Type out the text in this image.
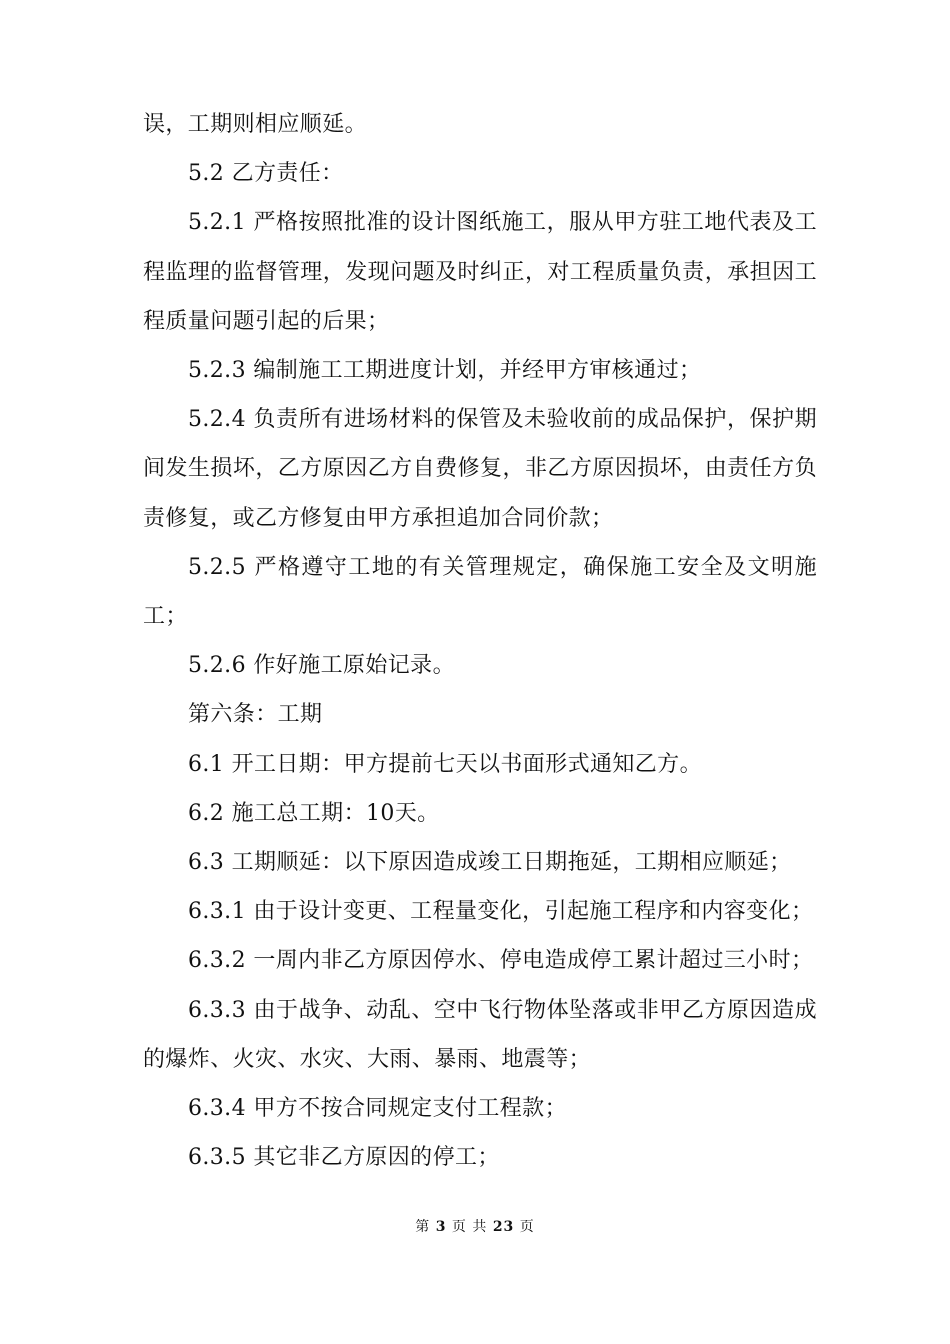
误，工期则相应顺延。

5.2 乙方责任：

5.2.1 严格按照批准的设计图纸施工，服从甲方驻工地代表及工程监理的监督管理，发现问题及时纠正，对工程质量负责，承担因工程质量问题引起的后果；

5.2.3 编制施工工期进度计划，并经甲方审核通过；

5.2.4 负责所有进场材料的保管及未验收前的成品保护，保护期间发生损坏，乙方原因乙方自费修复，非乙方原因损坏，由责任方负责修复，或乙方修复由甲方承担追加合同价款；

5.2.5 严格遵守工地的有关管理规定，确保施工安全及文明施工；

5.2.6 作好施工原始记录。

第六条：工期

6.1 开工日期：甲方提前七天以书面形式通知乙方。

6.2 施工总工期：10天。

6.3 工期顺延：以下原因造成竣工日期拖延，工期相应顺延；

6.3.1 由于设计变更、工程量变化，引起施工程序和内容变化；

6.3.2 一周内非乙方原因停水、停电造成停工累计超过三小时；

6.3.3 由于战争、动乱、空中飞行物体坠落或非甲乙方原因造成的爆炸、火灾、水灾、大雨、暴雨、地震等；

6.3.4 甲方不按合同规定支付工程款；

6.3.5 其它非乙方原因的停工；

第 3 页 共 23 页
